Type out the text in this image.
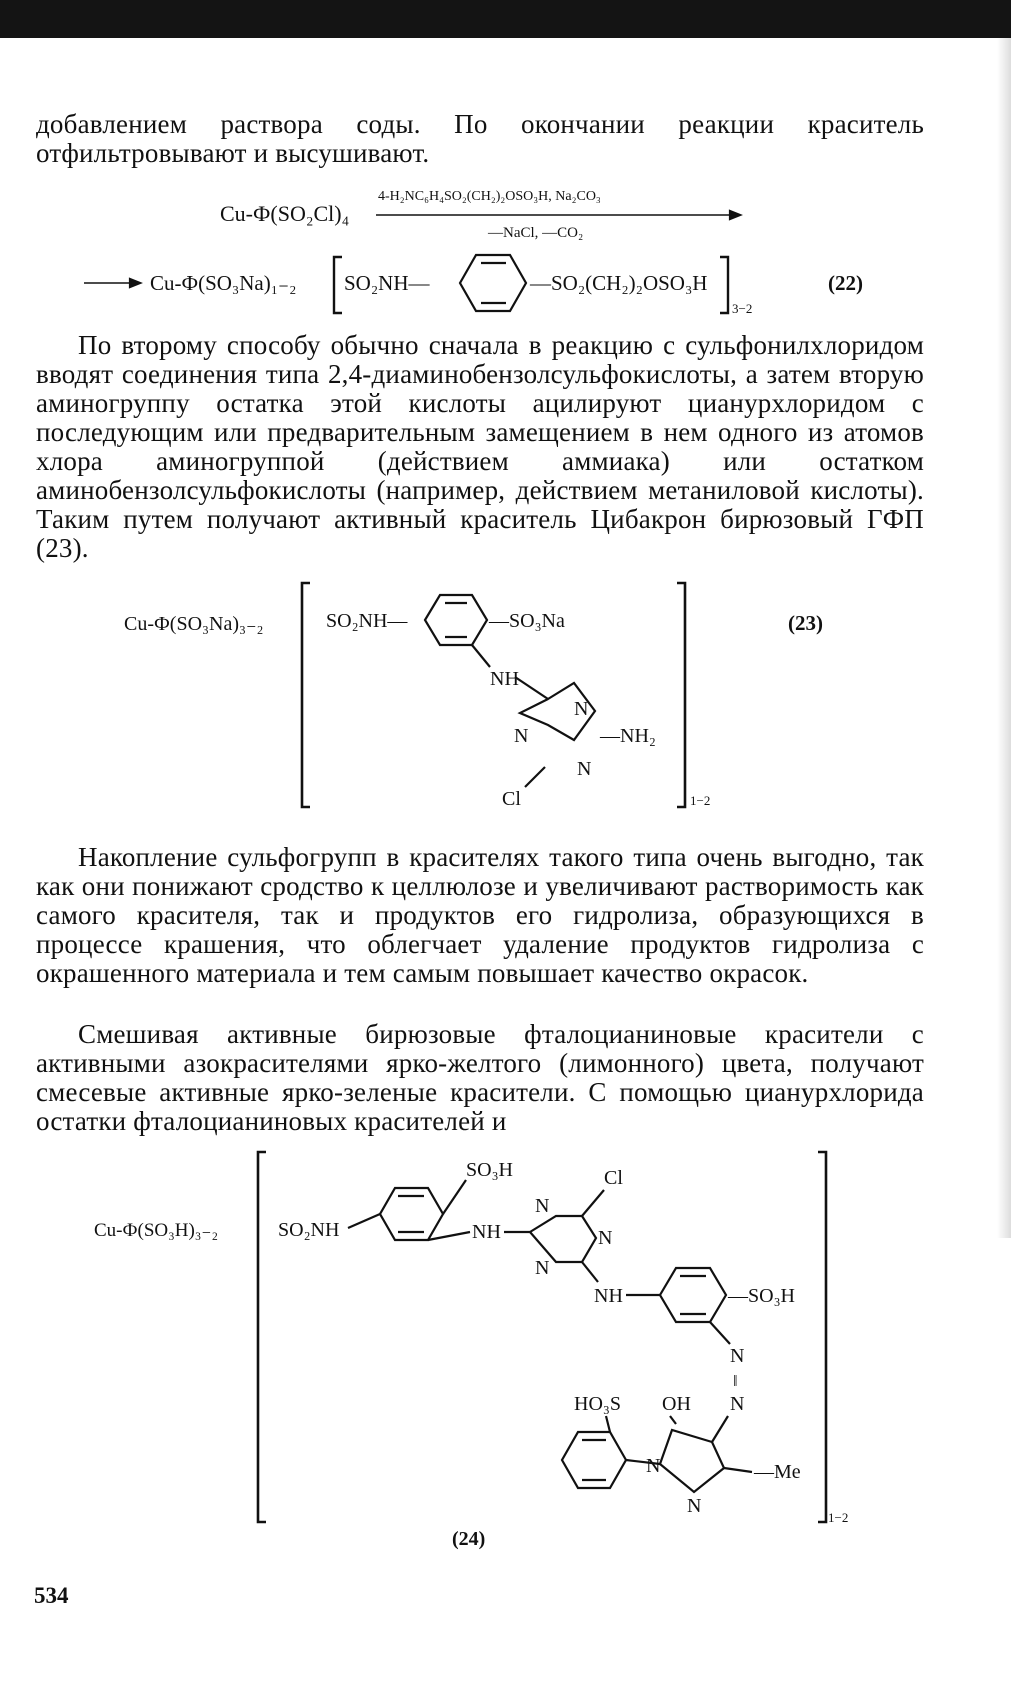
добавлением раствора соды. По окончании реакции краситель отфильтровывают и высушивают.

Cu-Ф(SO₂Cl)₄
4-H₂NC₆H₄SO₂(CH₂)₂OSO₃H, Na₂CO₃
—NaCl, —CO₂
Cu-Ф(SO₃Na)₁₋₂ SO₂NH—	—SO₂(CH₂)₂OSO₃H
3−2
(22)

По второму способу обычно сначала в реакцию с сульфонилхлоридом вводят соединения типа 2,4-диаминобензолсульфокислоты, а затем вторую аминогруппу остатка этой кислоты ацилируют цианурхлоридом с последующим или предварительным замещением в нем одного из атомов хлора аминогруппой (действием аммиака) или остатком аминобензолсульфокислоты (например, действием метаниловой кислоты). Таким путем получают активный краситель Цибакрон бирюзовый ГФП (23).

Cu-Ф(SO₃Na)₃₋₂	SO₂NH—	—SO₃Na
NH
N
N
N
—NH₂
Cl	1−2
(23)

Накопление сульфогрупп в красителях такого типа очень выгодно, так как они понижают сродство к целлюлозе и увеличивают растворимость как самого красителя, так и продуктов его гидролиза, образующихся в процессе крашения, что облегчает удаление продуктов гидролиза с окрашенного материала и тем самым повышает качество окрасок.

Смешивая активные бирюзовые фталоцианиновые красители с активными азокрасителями ярко-желтого (лимонного) цвета, получают смесевые активные ярко-зеленые красители. С помощью цианурхлорида остатки фталоцианиновых красителей и

Cu-Ф(SO₃H)₃₋₂	SO₂NH
SO₃H
NH
N
N
N
Cl
NH	—SO₃H
N
‖
N
HO₃S OH
—Me
N
N
1−2
(24)
534
